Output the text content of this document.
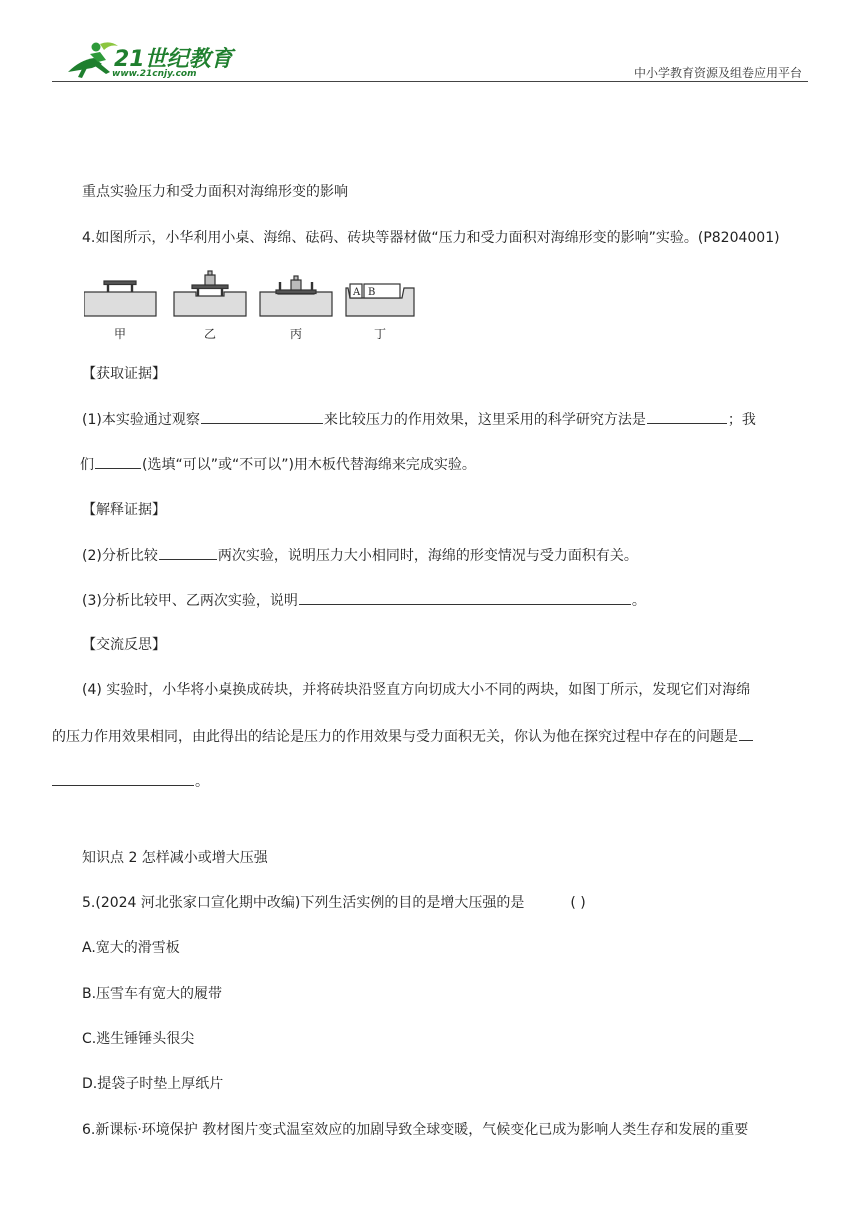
21世纪教育
www.21cnjy.com	中小学教育资源及组卷应用平台
重点实验压力和受力面积对海绵形变的影响
4.如图所示，小华利用小桌、海绵、砝码、砖块等器材做“压力和受力面积对海绵形变的影响”实验。(P8204001)
A B
甲	乙	丙	丁
【获取证据】
(1)本实验通过观察	来比较压力的作用效果，这里采用的科学研究方法是	；我
们	(选填“可以”或“不可以”)用木板代替海绵来完成实验。
【解释证据】
(2)分析比较	两次实验，说明压力大小相同时，海绵的形变情况与受力面积有关。
(3)分析比较甲、乙两次实验，说明	。
【交流反思】
(4) 实验时，小华将小桌换成砖块，并将砖块沿竖直方向切成大小不同的两块，如图丁所示，发现它们对海绵
的压力作用效果相同，由此得出的结论是压力的作用效果与受力面积无关，你认为他在探究过程中存在的问题是
。
知识点 2 怎样减小或增大压强
5.(2024 河北张家口宣化期中改编)下列生活实例的目的是增大压强的是	( )
A.宽大的滑雪板
B.压雪车有宽大的履带
C.逃生锤锤头很尖
D.提袋子时垫上厚纸片
6.新课标·环境保护 教材图片变式温室效应的加剧导致全球变暖，气候变化已成为影响人类生存和发展的重要
